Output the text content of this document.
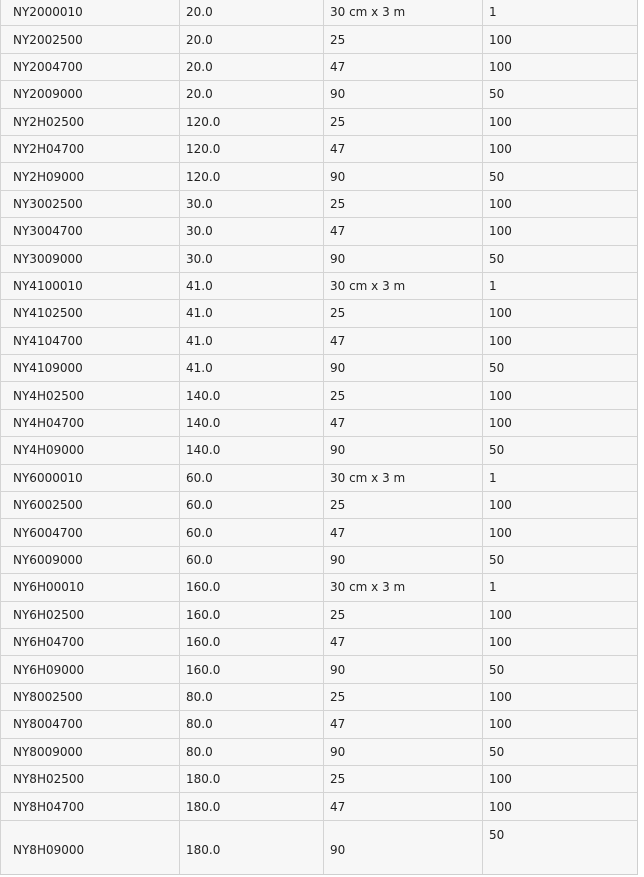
NY2000010	20.0	30 cm x 3 m	1
NY2002500	20.0	25	100
NY2004700	20.0	47	100
NY2009000	20.0	90	50
NY2H02500	120.0	25	100
NY2H04700	120.0	47	100
NY2H09000	120.0	90	50
NY3002500	30.0	25	100
NY3004700	30.0	47	100
NY3009000	30.0	90	50
NY4100010	41.0	30 cm x 3 m	1
NY4102500	41.0	25	100
NY4104700	41.0	47	100
NY4109000	41.0	90	50
NY4H02500	140.0	25	100
NY4H04700	140.0	47	100
NY4H09000	140.0	90	50
NY6000010	60.0	30 cm x 3 m	1
NY6002500	60.0	25	100
NY6004700	60.0	47	100
NY6009000	60.0	90	50
NY6H00010	160.0	30 cm x 3 m	1
NY6H02500	160.0	25	100
NY6H04700	160.0	47	100
NY6H09000	160.0	90	50
NY8002500	80.0	25	100
NY8004700	80.0	47	100
NY8009000	80.0	90	50
NY8H02500	180.0	25	100
NY8H04700	180.0	47	100
NY8H09000	180.0	90	50
